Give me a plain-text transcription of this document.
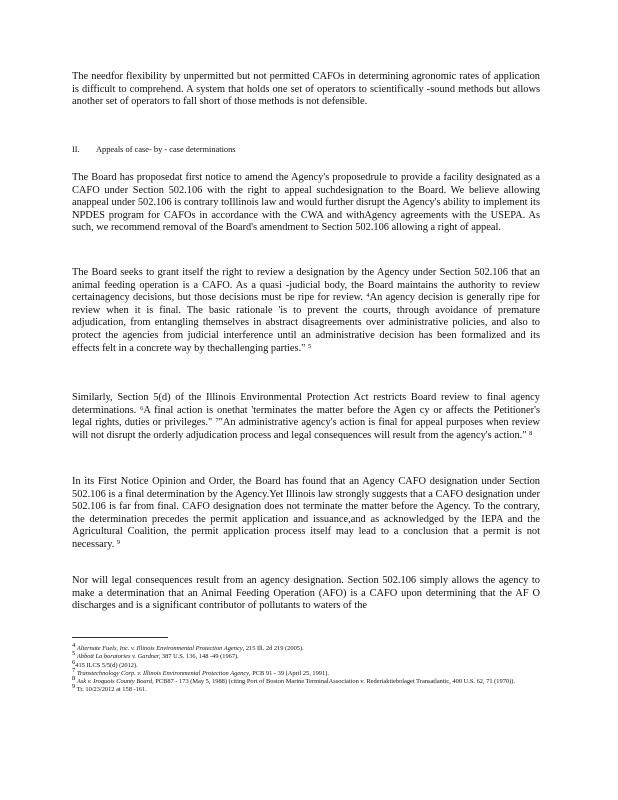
The needfor flexibility by unpermitted but not permitted CAFOs in determining agronomic rates of application is difficult to comprehend. A system that holds one set of operators to scientifically -sound methods but allows another set of operators to fall short of those methods is not defensible.

II. Appeals of case- by - case determinations

The Board has proposedat first notice to amend the Agency's proposedrule to provide a facility designated as a CAFO under Section 502.106 with the right to appeal suchdesignation to the Board. We believe allowing anappeal under 502.106 is contrary toIllinois law and would further disrupt the Agency's ability to implement its NPDES program for CAFOs in accordance with the CWA and withAgency agreements with the USEPA. As such, we recommend removal of the Board's amendment to Section 502.106 allowing a right of appeal.

The Board seeks to grant itself the right to review a designation by the Agency under Section 502.106 that an animal feeding operation is a CAFO. As a quasi -judicial body, the Board maintains the authority to review certainagency decisions, but those decisions must be ripe for review. $^4$An agency decision is generally ripe for review when it is final. The basic rationale 'is to prevent the courts, through avoidance of premature adjudication, from entangling themselves in abstract disagreements over administrative policies, and also to protect the agencies from judicial interference until an administrative decision has been formalized and its effects felt in a concrete way by thechallenging parties." $^5$

Similarly, Section 5(d) of the Illinois Environmental Protection Act restricts Board review to final agency determinations. $^6$A final action is onethat 'terminates the matter before the Agen cy or affects the Petitioner's legal rights, duties or privileges." $^7$"An administrative agency's action is final for appeal purposes when review will not disrupt the orderly adjudication process and legal consequences will result from the agency's action." $^8$

In its First Notice Opinion and Order, the Board has found that an Agency CAFO designation under Section 502.106 is a final determination by the Agency.Yet Illinois law strongly suggests that a CAFO designation under 502.106 is far from final. CAFO designation does not terminate the matter before the Agency. To the contrary, the determination precedes the permit application and issuance,and as acknowledged by the IEPA and the Agricultural Coalition, the permit application process itself may lead to a conclusion that a permit is not necessary. $^9$

Nor will legal consequences result from an agency designation. Section 502.106 simply allows the agency to make a determination that an Animal Feeding Operation (AFO) is a CAFO upon determining that the AF O discharges and is a significant contributor of pollutants to waters of the

$^4$ Alternate Fuels, Inc. v. Illinois Environmental Protection Agency, 215 Ill. 2d 219 (2005).
$^5$ Abbott La boratories v. Gardner, 387 U.S. 136, 148 -49 (1967).
$^6$415 ILCS 5/5(d) (2012).
$^7$ Transtechnology Corp. v. Illinois Environmental Protection Agency, PCB 91 - 39 (April 25, 1991).
$^8$ Ask v. Iroquois County Board, PCB87 - 173 (May 5, 1988) (citing Port of Boston Marine TerminalAssociation v. Rederiaktiebolaget Transatlantic, 400 U.S. 62, 71 (1970)).
$^9$ Tr. 10/23/2012 at 158 -161.
